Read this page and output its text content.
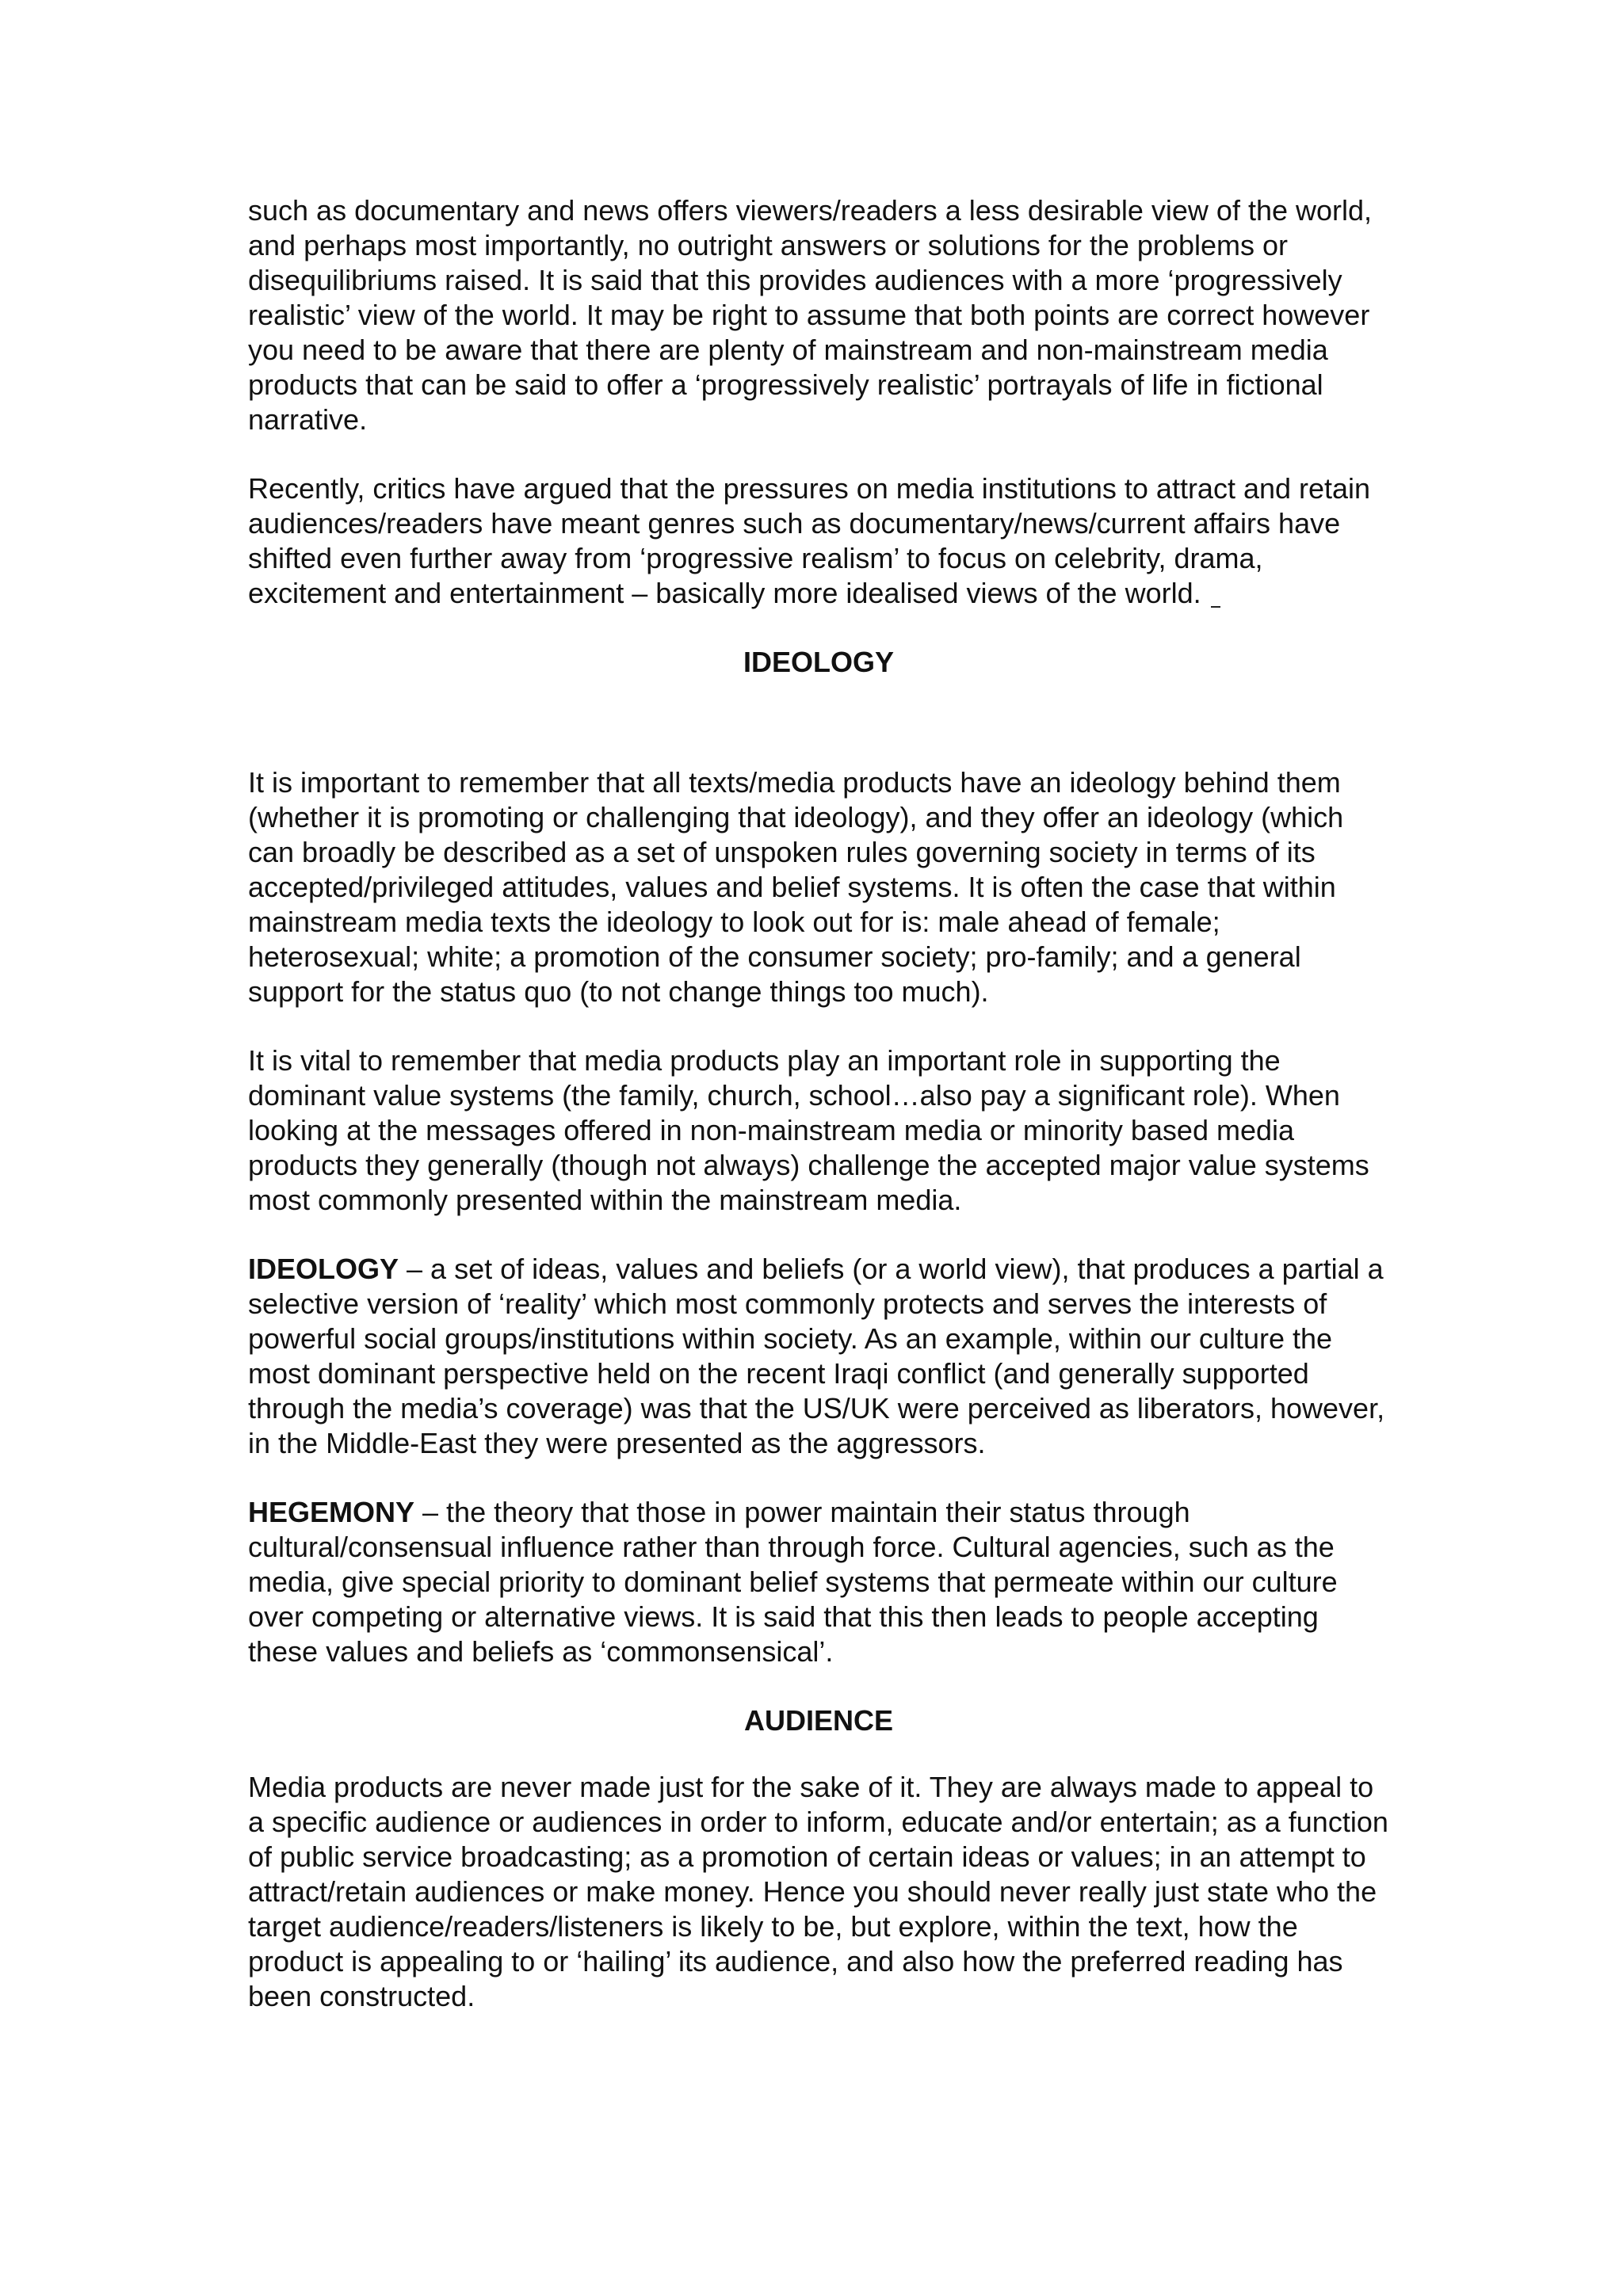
such as documentary and news offers viewers/readers a less desirable view of the world, and perhaps most importantly, no outright answers or solutions for the problems or disequilibriums raised. It is said that this provides audiences with a more ‘progressively realistic’ view of the world. It may be right to assume that both points are correct however you need to be aware that there are plenty of mainstream and non-mainstream media products that can be said to offer a ‘progressively realistic’ portrayals of life in fictional narrative.

Recently, critics have argued that the pressures on media institutions to attract and retain audiences/readers have meant genres such as documentary/news/current affairs have shifted even further away from ‘progressive realism’ to focus on celebrity, drama, excitement and entertainment – basically more idealised views of the world.

IDEOLOGY

It is important to remember that all texts/media products have an ideology behind them (whether it is promoting or challenging that ideology), and they offer an ideology (which can broadly be described as a set of unspoken rules governing society in terms of its accepted/privileged attitudes, values and belief systems. It is often the case that within mainstream media texts the ideology to look out for is: male ahead of female; heterosexual; white; a promotion of the consumer society; pro-family; and a general support for the status quo (to not change things too much).

It is vital to remember that media products play an important role in supporting the dominant value systems (the family, church, school…also pay a significant role). When looking at the messages offered in non-mainstream media or minority based media products they generally (though not always) challenge the accepted major value systems most commonly presented within the mainstream media.

IDEOLOGY – a set of ideas, values and beliefs (or a world view), that produces a partial a selective version of ‘reality’ which most commonly protects and serves the interests of powerful social groups/institutions within society. As an example, within our culture the most dominant perspective held on the recent Iraqi conflict (and generally supported through the media’s coverage) was that the US/UK were perceived as liberators, however, in the Middle-East they were presented as the aggressors.

HEGEMONY – the theory that those in power maintain their status through cultural/consensual influence rather than through force. Cultural agencies, such as the media, give special priority to dominant belief systems that permeate within our culture over competing or alternative views. It is said that this then leads to people accepting these values and beliefs as ‘commonsensical’.

AUDIENCE

Media products are never made just for the sake of it. They are always made to appeal to a specific audience or audiences in order to inform, educate and/or entertain; as a function of public service broadcasting; as a promotion of certain ideas or values; in an attempt to attract/retain audiences or make money. Hence you should never really just state who the target audience/readers/listeners is likely to be, but explore, within the text, how the product is appealing to or ‘hailing’ its audience, and also how the preferred reading has been constructed.
